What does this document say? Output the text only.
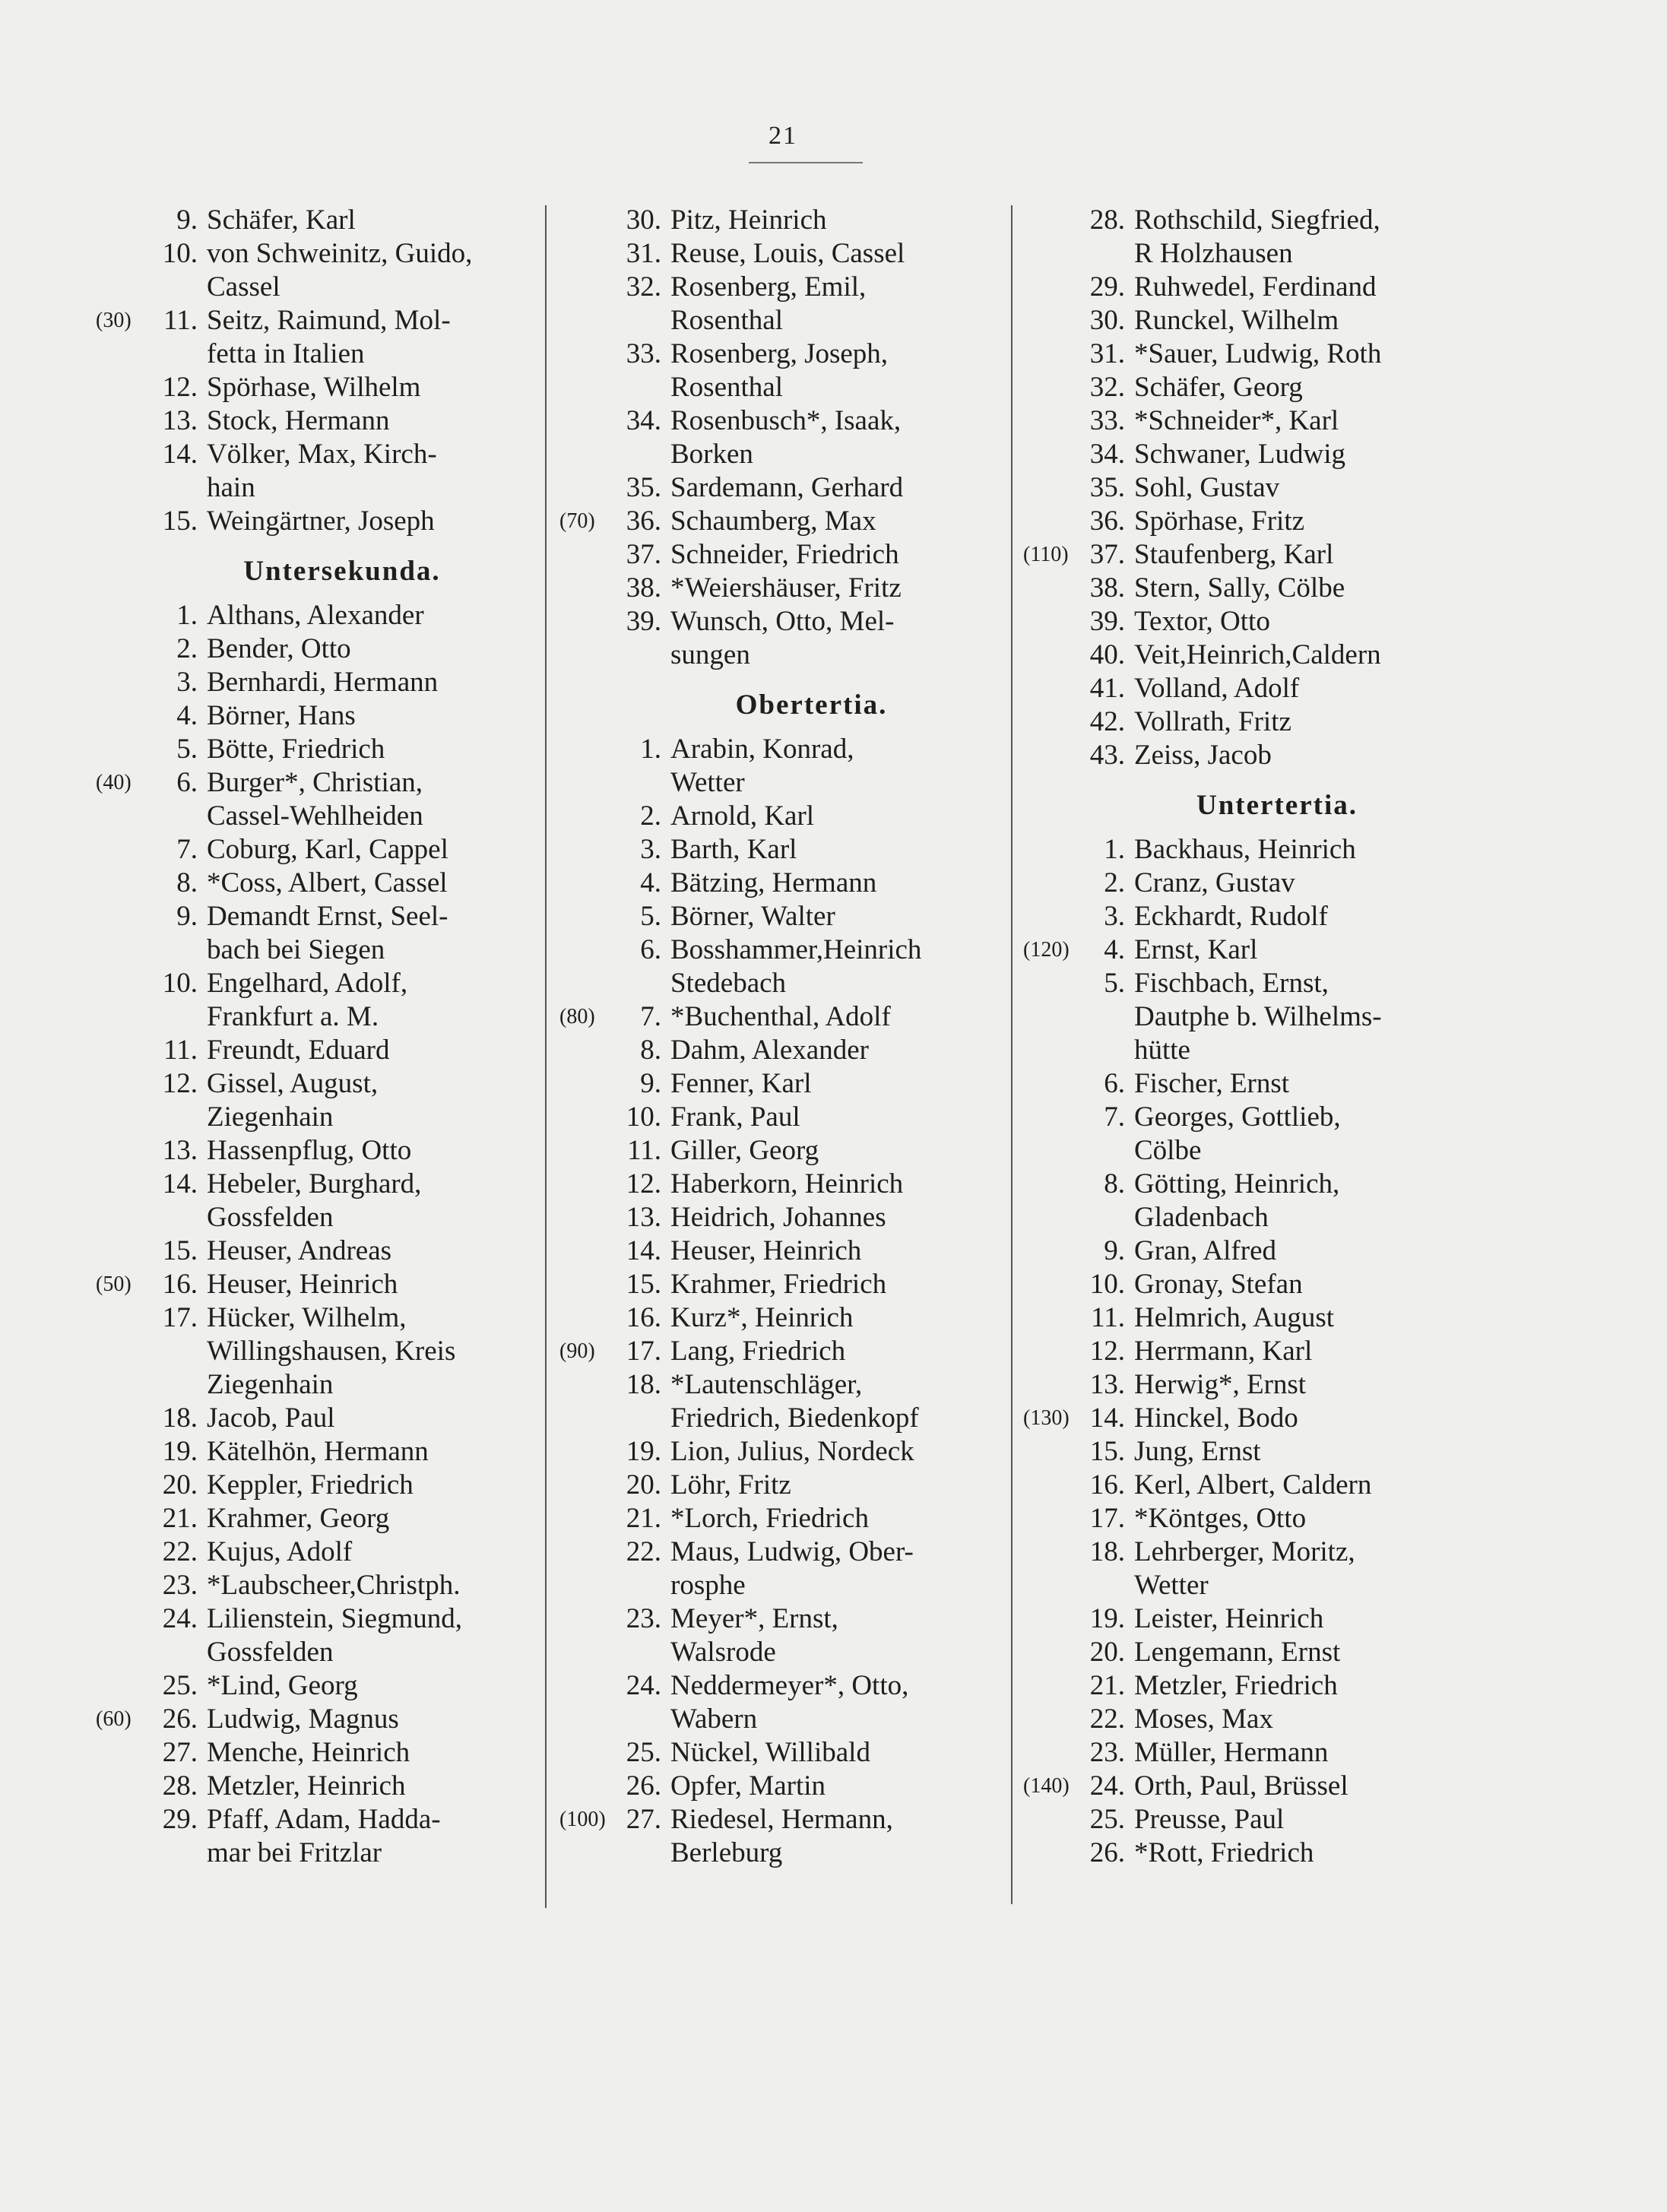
21
9. Schäfer, Karl
10. von Schweinitz, Guido,
Cassel
(30)	11. Seitz, Raimund, Mol-
fetta in Italien
12. Spörhase, Wilhelm
13. Stock, Hermann
14. Völker, Max, Kirch-
hain
15. Weingärtner, Joseph
Untersekunda.
1. Althans, Alexander
2. Bender, Otto
3. Bernhardi, Hermann
4. Börner, Hans
5. Bötte, Friedrich
(40)	6. Burger*, Christian,
Cassel-Wehlheiden
7. Coburg, Karl, Cappel
8. *Coss, Albert, Cassel
9. Demandt Ernst, Seel-
bach bei Siegen
10. Engelhard, Adolf,
Frankfurt a. M.
11. Freundt, Eduard
12. Gissel, August,
Ziegenhain
13. Hassenpflug, Otto
14. Hebeler, Burghard,
Gossfelden
15. Heuser, Andreas
(50)	16. Heuser, Heinrich
17. Hücker, Wilhelm,
Willingshausen, Kreis
Ziegenhain
18. Jacob, Paul
19. Kätelhön, Hermann
20. Keppler, Friedrich
21. Krahmer, Georg
22. Kujus, Adolf
23. *Laubscheer,Christph.
24. Lilienstein, Siegmund,
Gossfelden
25. *Lind, Georg
(60)	26. Ludwig, Magnus
27. Menche, Heinrich
28. Metzler, Heinrich
29. Pfaff, Adam, Hadda-
mar bei Fritzlar
30. Pitz, Heinrich
31. Reuse, Louis, Cassel
32. Rosenberg, Emil,
Rosenthal
33. Rosenberg, Joseph,
Rosenthal
34. Rosenbusch*, Isaak,
Borken
35. Sardemann, Gerhard
(70)	36. Schaumberg, Max
37. Schneider, Friedrich
38. *Weiershäuser, Fritz
39. Wunsch, Otto, Mel-
sungen
Obertertia.
1. Arabin, Konrad,
Wetter
2. Arnold, Karl
3. Barth, Karl
4. Bätzing, Hermann
5. Börner, Walter
6. Bosshammer,Heinrich
Stedebach
(80)	7. *Buchenthal, Adolf
8. Dahm, Alexander
9. Fenner, Karl
10. Frank, Paul
11. Giller, Georg
12. Haberkorn, Heinrich
13. Heidrich, Johannes
14. Heuser, Heinrich
15. Krahmer, Friedrich
16. Kurz*, Heinrich
(90)	17. Lang, Friedrich
18. *Lautenschläger,
Friedrich, Biedenkopf
19. Lion, Julius, Nordeck
20. Löhr, Fritz
21. *Lorch, Friedrich
22. Maus, Ludwig, Ober-
rosphe
23. Meyer*, Ernst,
Walsrode
24. Neddermeyer*, Otto,
Wabern
25. Nückel, Willibald
26. Opfer, Martin
(100) 27. Riedesel, Hermann,
Berleburg
28. Rothschild, Siegfried,
R Holzhausen
29. Ruhwedel, Ferdinand
30. Runckel, Wilhelm
31. *Sauer, Ludwig, Roth
32. Schäfer, Georg
33. *Schneider*, Karl
34. Schwaner, Ludwig
35. Sohl, Gustav
36. Spörhase, Fritz
(110) 37. Staufenberg, Karl
38. Stern, Sally, Cölbe
39. Textor, Otto
40. Veit,Heinrich,Caldern
41. Volland, Adolf
42. Vollrath, Fritz
43. Zeiss, Jacob
Untertertia.
1. Backhaus, Heinrich
2. Cranz, Gustav
3. Eckhardt, Rudolf
(120)	4. Ernst, Karl
5. Fischbach, Ernst,
Dautphe b. Wilhelms-
hütte
6. Fischer, Ernst
7. Georges, Gottlieb,
Cölbe
8. Götting, Heinrich,
Gladenbach
9. Gran, Alfred
10. Gronay, Stefan
11. Helmrich, August
12. Herrmann, Karl
13. Herwig*, Ernst
(130) 14. Hinckel, Bodo
15. Jung, Ernst
16. Kerl, Albert, Caldern
17. *Köntges, Otto
18. Lehrberger, Moritz,
Wetter
19. Leister, Heinrich
20. Lengemann, Ernst
21. Metzler, Friedrich
22. Moses, Max
23. Müller, Hermann
(140) 24. Orth, Paul, Brüssel
25. Preusse, Paul
26. *Rott, Friedrich
